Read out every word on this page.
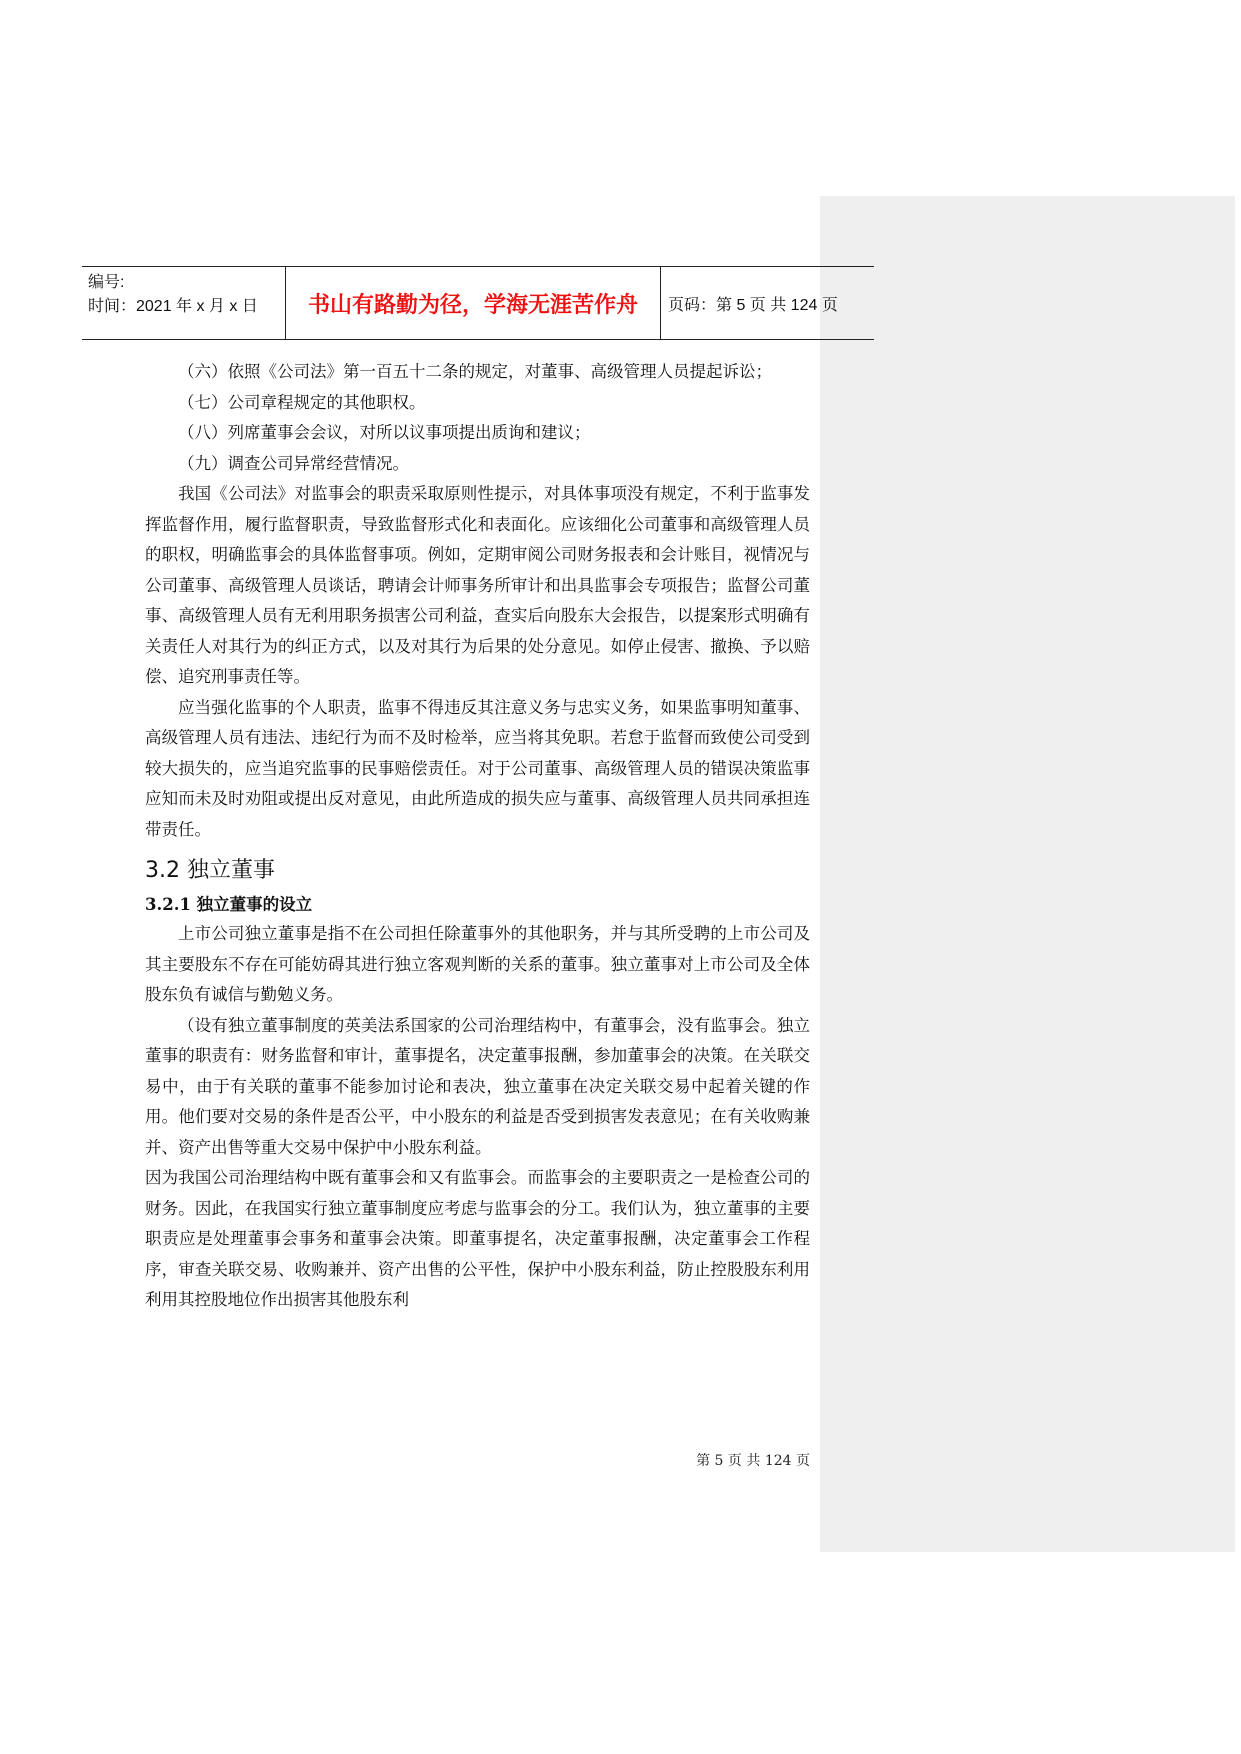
编号:
时间：2021 年 x 月 x 日	书山有路勤为径，学海无涯苦作舟	页码：第 5 页 共 124 页

（六）依照《公司法》第一百五十二条的规定，对董事、高级管理人员提起诉讼；

（七）公司章程规定的其他职权。

（八）列席董事会会议，对所以议事项提出质询和建议；

（九）调查公司异常经营情况。

我国《公司法》对监事会的职责采取原则性提示，对具体事项没有规定，不利于监事发挥监督作用，履行监督职责，导致监督形式化和表面化。应该细化公司董事和高级管理人员的职权，明确监事会的具体监督事项。例如，定期审阅公司财务报表和会计账目，视情况与公司董事、高级管理人员谈话，聘请会计师事务所审计和出具监事会专项报告；监督公司董事、高级管理人员有无利用职务损害公司利益，查实后向股东大会报告，以提案形式明确有关责任人对其行为的纠正方式，以及对其行为后果的处分意见。如停止侵害、撤换、予以赔偿、追究刑事责任等。

应当强化监事的个人职责，监事不得违反其注意义务与忠实义务，如果监事明知董事、高级管理人员有违法、违纪行为而不及时检举，应当将其免职。若怠于监督而致使公司受到较大损失的，应当追究监事的民事赔偿责任。对于公司董事、高级管理人员的错误决策监事应知而未及时劝阻或提出反对意见，由此所造成的损失应与董事、高级管理人员共同承担连带责任。

3.2 独立董事
3.2.1 独立董事的设立

上市公司独立董事是指不在公司担任除董事外的其他职务，并与其所受聘的上市公司及其主要股东不存在可能妨碍其进行独立客观判断的关系的董事。独立董事对上市公司及全体股东负有诚信与勤勉义务。

（设有独立董事制度的英美法系国家的公司治理结构中，有董事会，没有监事会。独立董事的职责有：财务监督和审计，董事提名，决定董事报酬，参加董事会的决策。在关联交易中，由于有关联的董事不能参加讨论和表决，独立董事在决定关联交易中起着关键的作用。他们要对交易的条件是否公平，中小股东的利益是否受到损害发表意见；在有关收购兼并、资产出售等重大交易中保护中小股东利益。

因为我国公司治理结构中既有董事会和又有监事会。而监事会的主要职责之一是检查公司的财务。因此，在我国实行独立董事制度应考虑与监事会的分工。我们认为，独立董事的主要职责应是处理董事会事务和董事会决策。即董事提名，决定董事报酬，决定董事会工作程序，审查关联交易、收购兼并、资产出售的公平性，保护中小股东利益，防止控股股东利用利用其控股地位作出损害其他股东利

第 5 页 共 124 页
